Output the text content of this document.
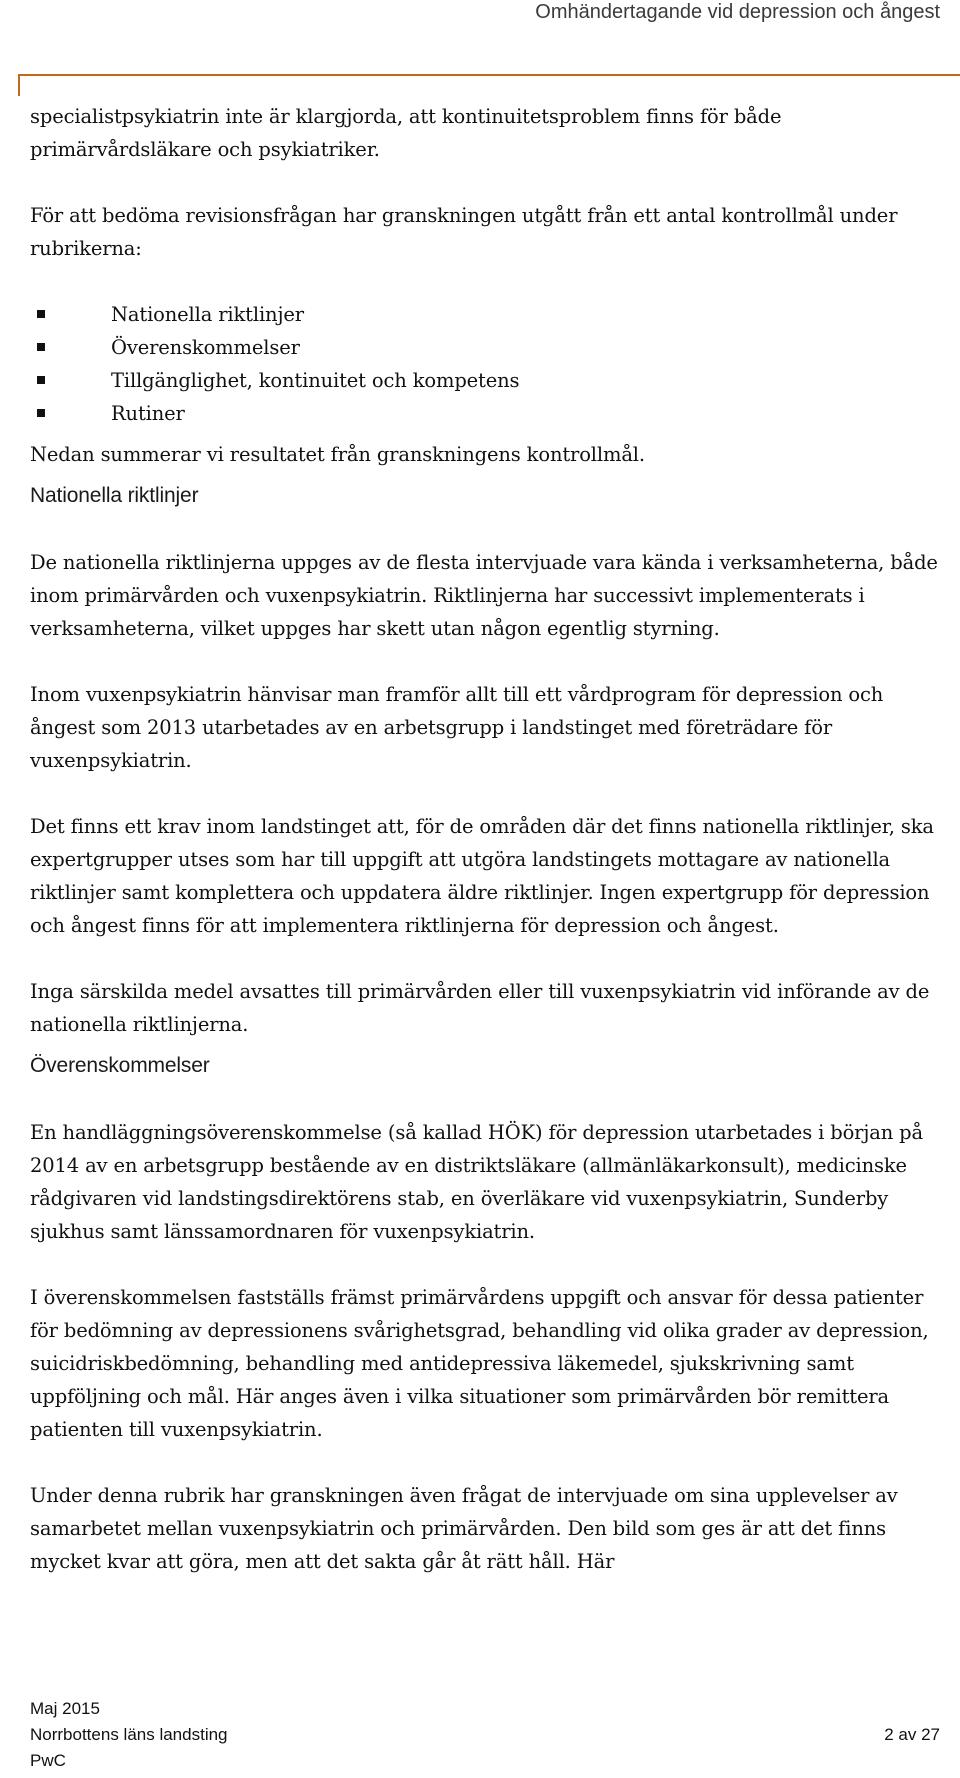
Omhändertagande vid depression och ångest

specialistpsykiatrin inte är klargjorda, att kontinuitetsproblem finns för både primärvårdsläkare och psykiatriker.

För att bedöma revisionsfrågan har granskningen utgått från ett antal kontrollmål under rubrikerna:

Nationella riktlinjer
Överenskommelser
Tillgänglighet, kontinuitet och kompetens
Rutiner

Nedan summerar vi resultatet från granskningens kontrollmål.

Nationella riktlinjer

De nationella riktlinjerna uppges av de flesta intervjuade vara kända i verksamheterna, både inom primärvården och vuxenpsykiatrin. Riktlinjerna har successivt implementerats i verksamheterna, vilket uppges har skett utan någon egentlig styrning.

Inom vuxenpsykiatrin hänvisar man framför allt till ett vårdprogram för depression och ångest som 2013 utarbetades av en arbetsgrupp i landstinget med företrädare för vuxenpsykiatrin.

Det finns ett krav inom landstinget att, för de områden där det finns nationella riktlinjer, ska expertgrupper utses som har till uppgift att utgöra landstingets mottagare av nationella riktlinjer samt komplettera och uppdatera äldre riktlinjer. Ingen expertgrupp för depression och ångest finns för att implementera riktlinjerna för depression och ångest.

Inga särskilda medel avsattes till primärvården eller till vuxenpsykiatrin vid införande av de nationella riktlinjerna.

Överenskommelser

En handläggningsöverenskommelse (så kallad HÖK) för depression utarbetades i början på 2014 av en arbetsgrupp bestående av en distriktsläkare (allmänläkarkonsult), medicinske rådgivaren vid landstingsdirektörens stab, en överläkare vid vuxenpsykiatrin, Sunderby sjukhus samt länssamordnaren för vuxenpsykiatrin.

I överenskommelsen fastställs främst primärvårdens uppgift och ansvar för dessa patienter för bedömning av depressionens svårighetsgrad, behandling vid olika grader av depression, suicidriskbedömning, behandling med antidepressiva läkemedel, sjukskrivning samt uppföljning och mål. Här anges även i vilka situationer som primärvården bör remittera patienten till vuxenpsykiatrin.

Under denna rubrik har granskningen även frågat de intervjuade om sina upplevelser av samarbetet mellan vuxenpsykiatrin och primärvården. Den bild som ges är att det finns mycket kvar att göra, men att det sakta går åt rätt håll. Här

Maj 2015
Norrbottens läns landsting
PwC
2 av 27
